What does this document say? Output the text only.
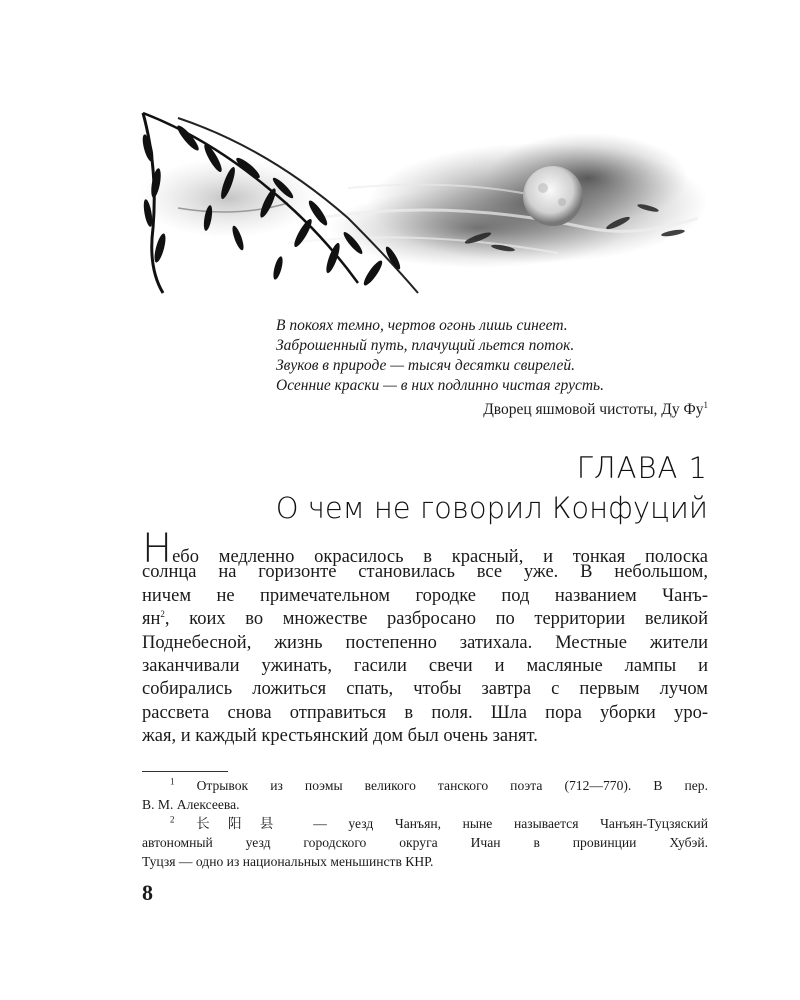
В покоях темно, чертов огонь лишь синеет.
Заброшенный путь, плачущий льется поток.
Звуков в природе — тысяч десятки свирелей.
Осенние краски — в них подлинно чистая грусть.
Дворец яшмовой чистоты, Ду $Фу^1$
ГЛАВА 1
О чем не говорил Конфуций
Небо медленно окрасилось в красный, и тонкая полоска
солнца на горизонте становилась все уже. В небольшом,
ничем не примечательном городке под названием Чанъ-
$ян^2$, коих во множестве разбросано по территории великой
Поднебесной, жизнь постепенно затихала. Местные жители
заканчивали ужинать, гасили свечи и масляные лампы и
собирались ложиться спать, чтобы завтра с первым лучом
рассвета снова отправиться в поля. Шла пора уборки уро-
жая, и каждый крестьянский дом был очень занят.
$^1$ Отрывок из поэмы великого танского поэта (712—770). В пер.
В. М. Алексеева.
$^2$ 长阳县 — уезд Чанъян, ныне называется Чанъян-Туцзяский
автономный уезд городского округа Ичан в провинции Хубэй.
Туцзя — одно из национальных меньшинств КНР.
8
